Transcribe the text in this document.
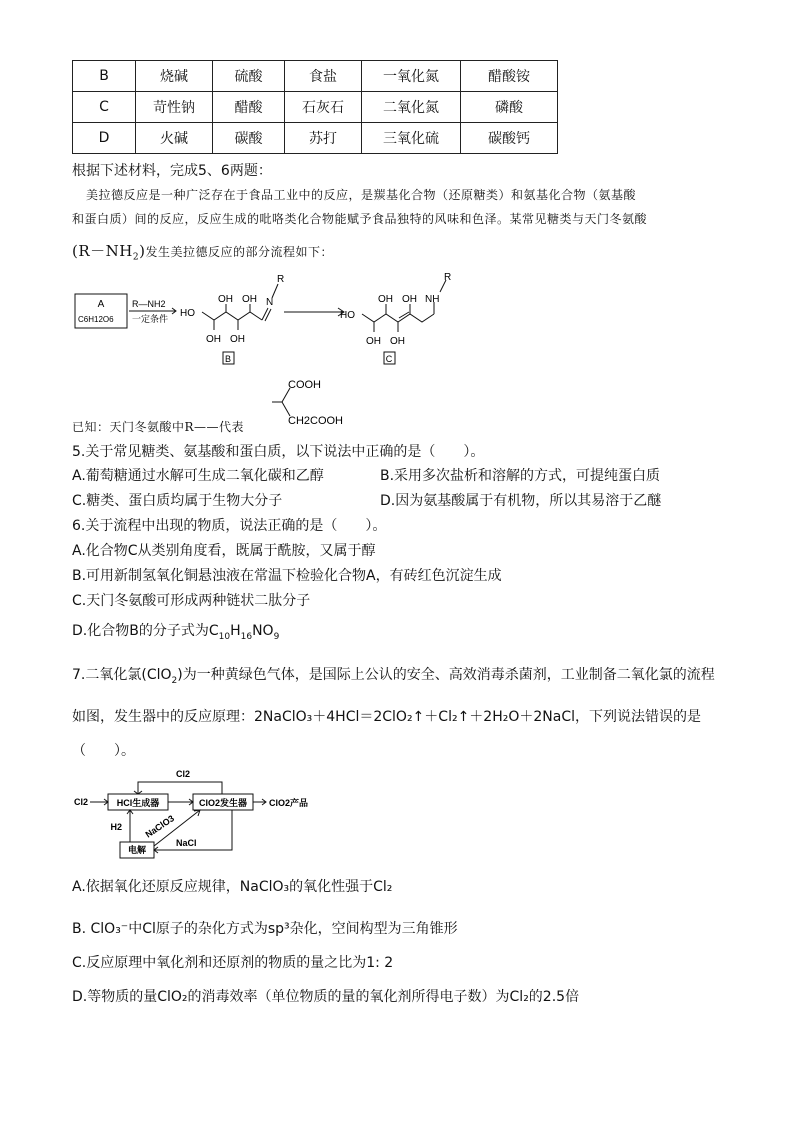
B	烧碱	硫酸	食盐	一氧化氮	醋酸铵
C	苛性钠	醋酸	石灰石	二氧化氮	磷酸
D	火碱	碳酸	苏打	三氧化硫	碳酸钙
根据下述材料，完成5、6两题：
美拉德反应是一种广泛存在于食品工业中的反应，是羰基化合物（还原糖类）和氨基化合物（氨基酸
和蛋白质）间的反应，反应生成的吡咯类化合物能赋予食品独特的风味和色泽。某常见糖类与天门冬氨酸
$(R-NH_2)$发生美拉德反应的部分流程如下：
A
C6H12O6
R—NH2
一定条件 HO
OH OH
OH OH
N
R
B
HO
OH OH
OH OH
NH
R
C
COOH
CH2COOH
已知：天门冬氨酸中R——代表
5.关于常见糖类、氨基酸和蛋白质，以下说法中正确的是（　　）。
A.葡萄糖通过水解可生成二氧化碳和乙醇	B.采用多次盐析和溶解的方式，可提纯蛋白质
C.糖类、蛋白质均属于生物大分子	D.因为氨基酸属于有机物，所以其易溶于乙醚
6.关于流程中出现的物质，说法正确的是（　　）。
A.化合物C从类别角度看，既属于酰胺，又属于醇
B.可用新制氢氧化铜悬浊液在常温下检验化合物A，有砖红色沉淀生成
C.天门冬氨酸可形成两种链状二肽分子
D.化合物B的分子式为$C_{10}H_{16}NO_9$
7.二氧化氯(ClO$_2$)为一种黄绿色气体，是国际上公认的安全、高效消毒杀菌剂，工业制备二氧化氯的流程
如图，发生器中的反应原理：2NaClO₃＋4HCl＝2ClO₂↑＋Cl₂↑＋2H₂O＋2NaCl，下列说法错误的是
（　　）。
Cl2
Cl2	HCl生成器	ClO2发生器 ClO2产品
H2 NaClO3
电解
NaCl
A.依据氧化还原反应规律，NaClO₃的氧化性强于Cl₂
B. ClO₃⁻中Cl原子的杂化方式为sp³杂化，空间构型为三角锥形
C.反应原理中氧化剂和还原剂的物质的量之比为1: 2
D.等物质的量ClO₂的消毒效率（单位物质的量的氧化剂所得电子数）为Cl₂的2.5倍
